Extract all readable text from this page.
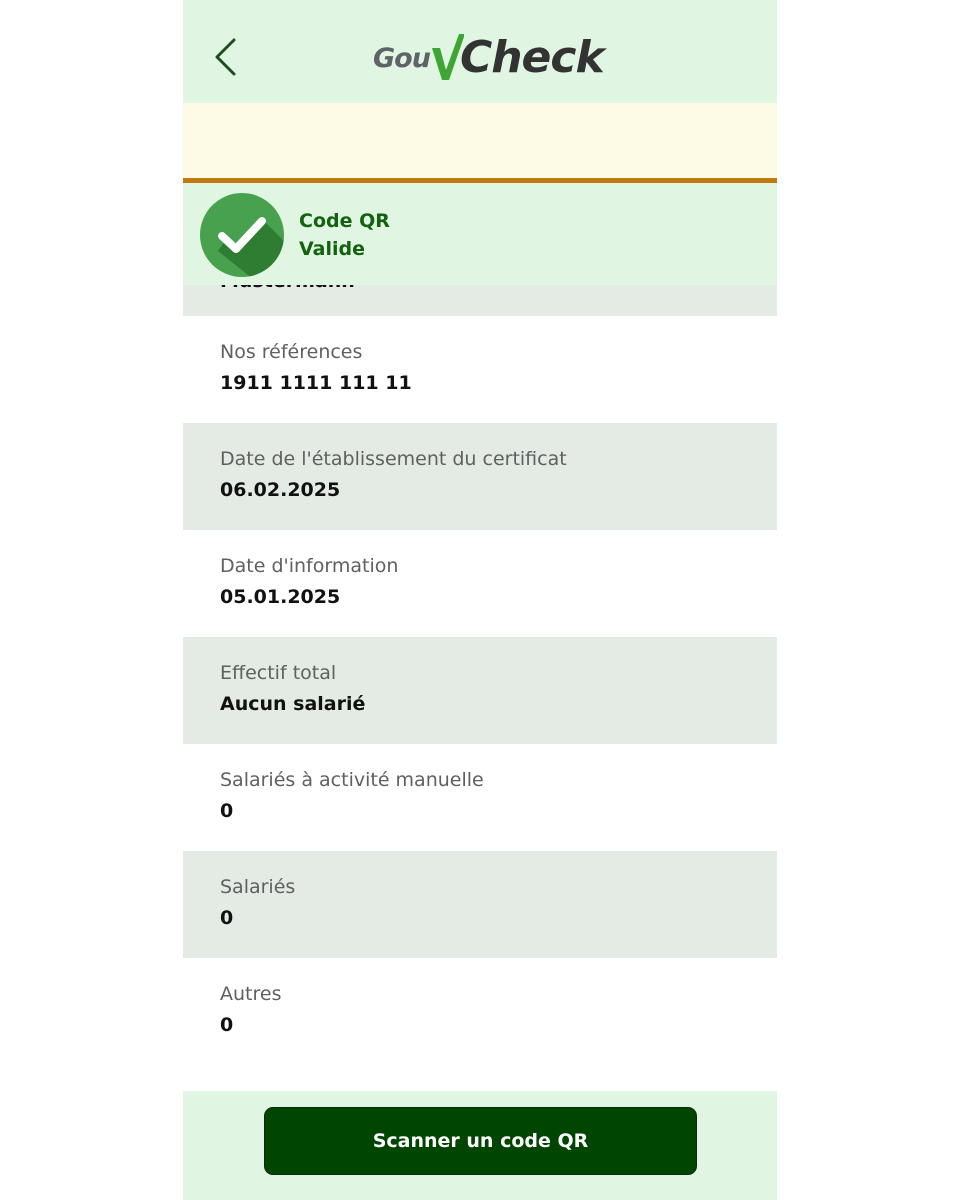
Nos références
1911 1111 111 11
Date de l'établissement du certificat
06.02.2025
Date d'information
05.01.2025
Effectif total
Aucun salarié
Salariés à activité manuelle
0
Salariés
0
Autres
0
Gou Check
Code QR
Valide
Scanner un code QR
